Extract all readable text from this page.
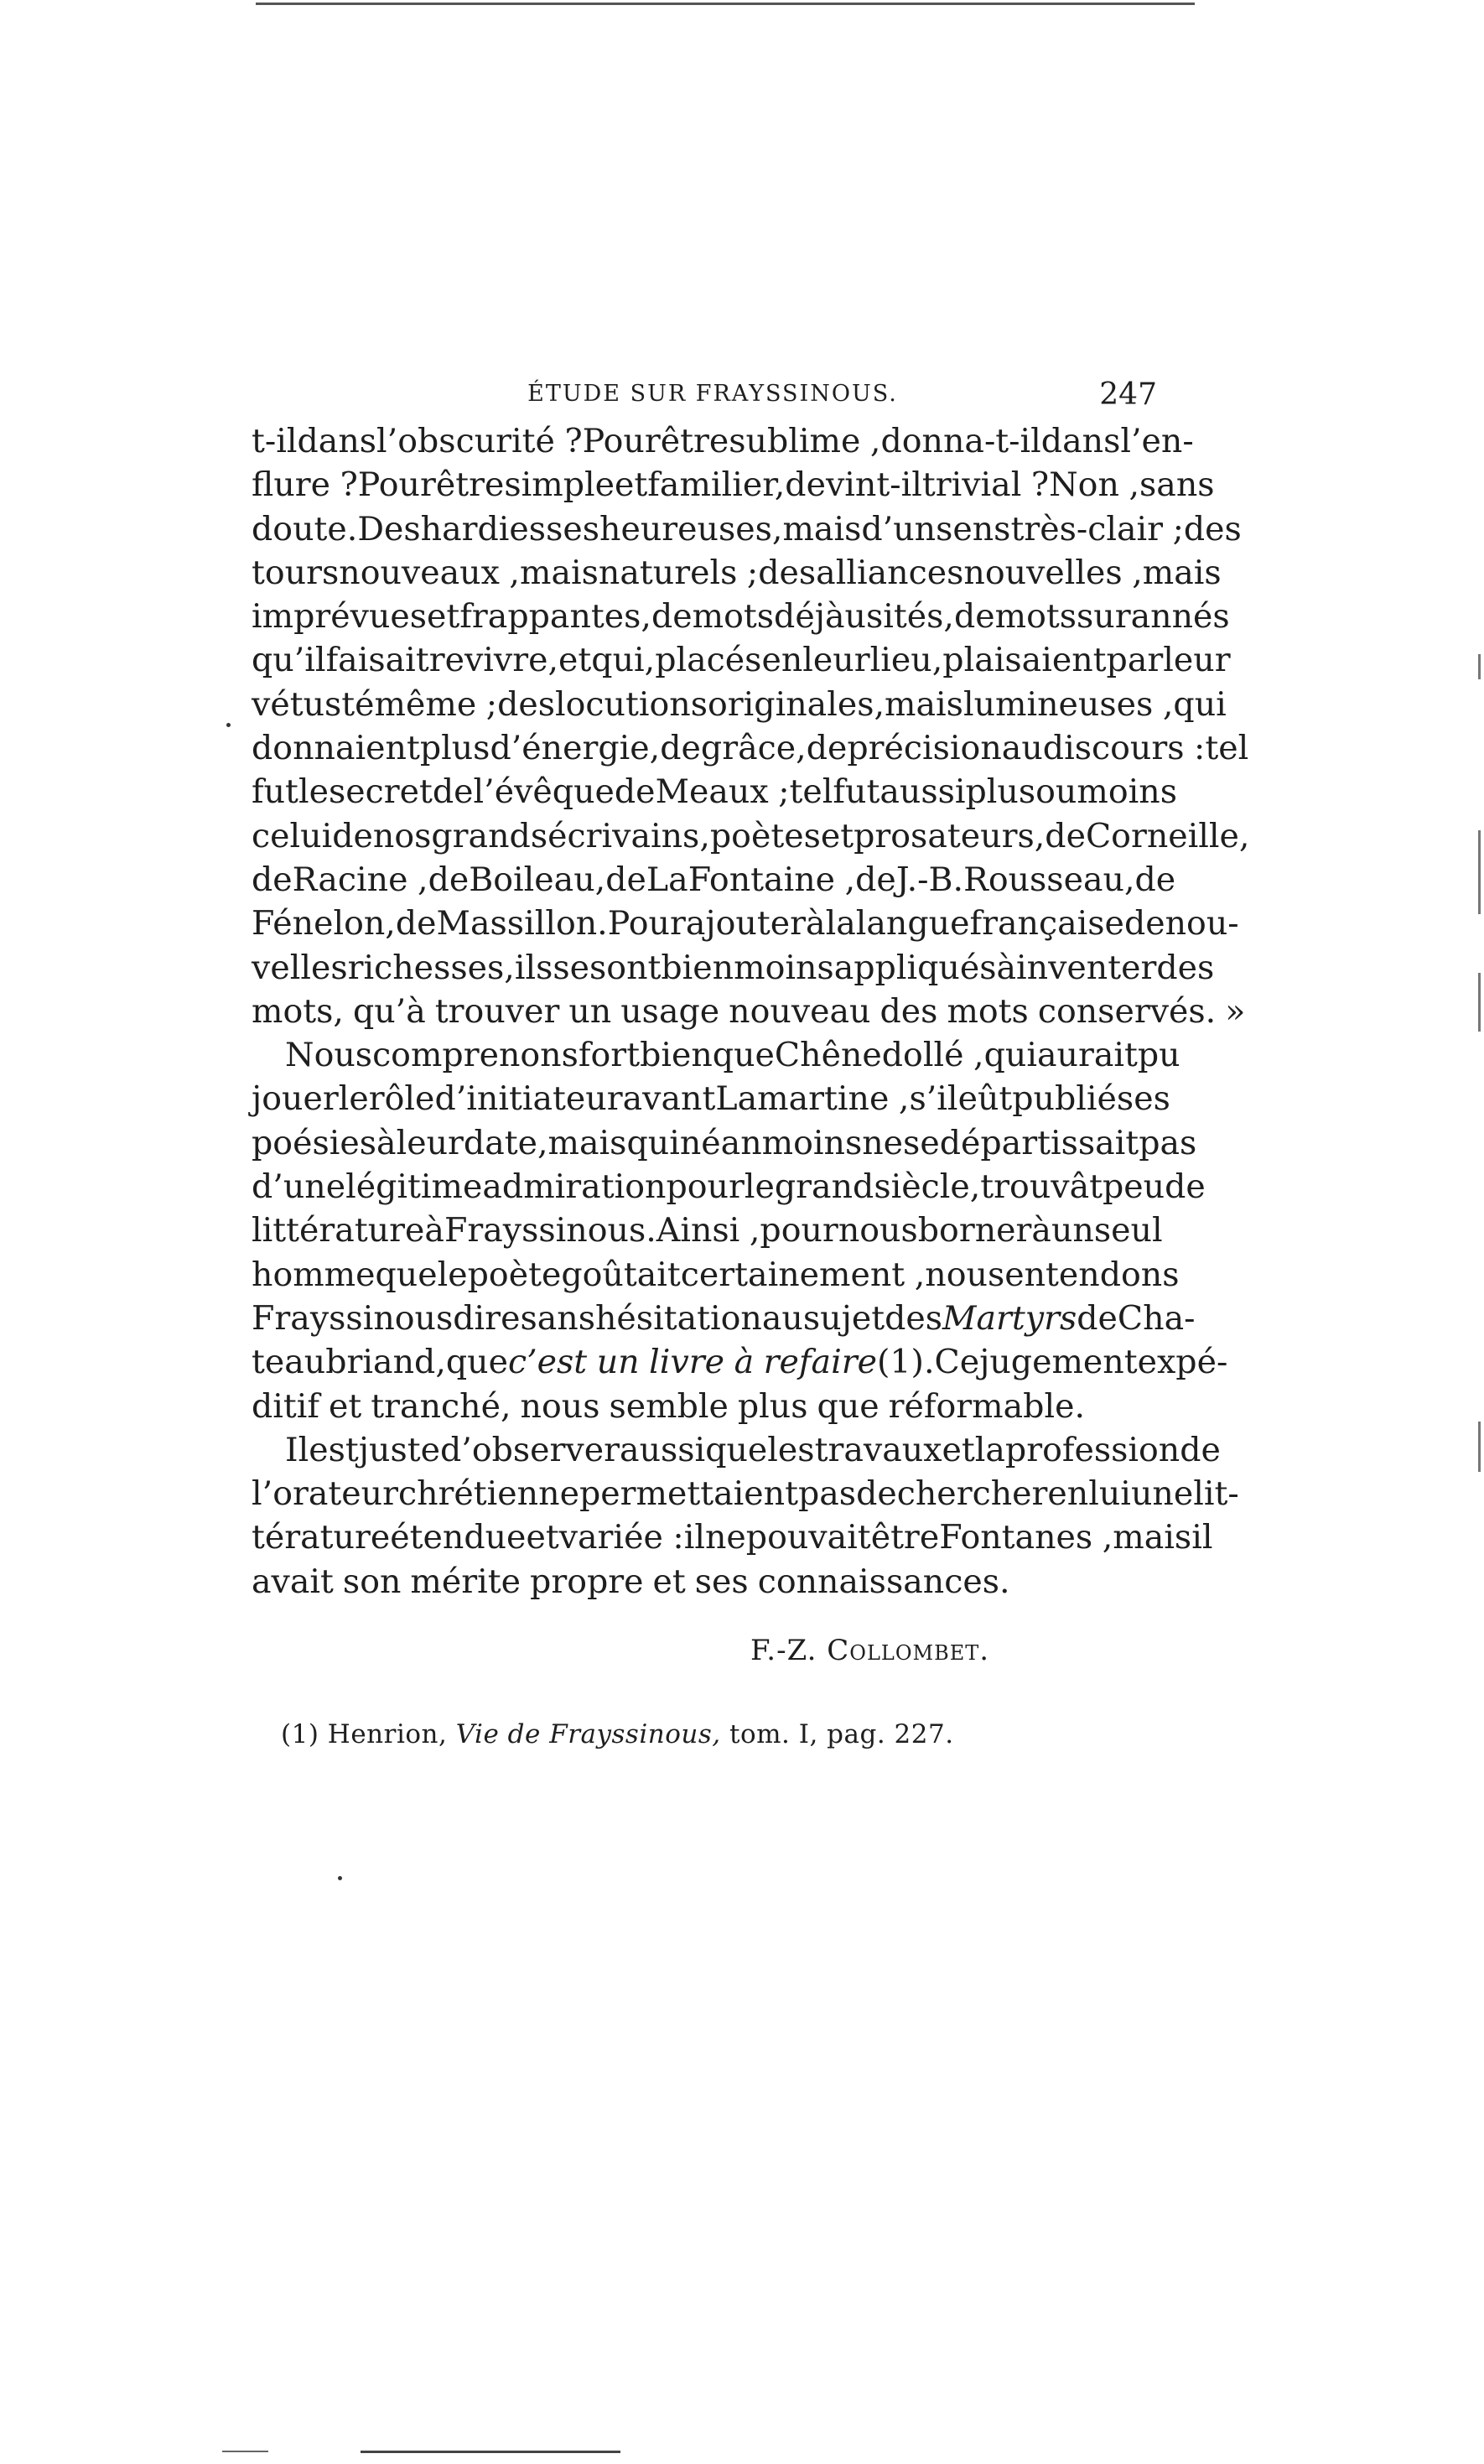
ÉTUDE SUR FRAYSSINOUS.	247
t-il dans l’obscurité ? Pour être sublime , donna-t-il dans l’en-
flure ? Pour être simple et familier, devint-il trivial ? Non , sans
doute. Des hardiesses heureuses, mais d’un sens très-clair ; des
tours nouveaux , mais naturels ; des alliances nouvelles , mais
imprévues et frappantes, de mots déjà usités, de mots surannés
qu’il faisait revivre, et qui, placés en leur lieu, plaisaient par leur
vétusté même ; des locutions originales, mais lumineuses , qui
donnaient plus d’énergie, de grâce, de précision au discours : tel
fut le secret de l’évêque de Meaux ; tel fut aussi plus ou moins
celui de nos grands écrivains, poètes et prosateurs, de Corneille,
de Racine , de Boileau, de La Fontaine , de J.-B. Rousseau, de
Fénelon, de Massillon. Pour ajouter à la langue française de nou-
velles richesses, ils se sont bien moins appliqués à inventer des
mots, qu’à trouver un usage nouveau des mots conservés. »
Nous comprenons fort bien que Chênedollé , qui aurait pu
jouer le rôle d’initiateur avant Lamartine , s’il eût publié ses
poésies à leur date, mais qui néanmoins ne se départissait pas
d’une légitime admiration pour le grand siècle, trouvât peu de
littérature à Frayssinous. Ainsi , pour nous borner à un seul
homme que le poète goûtait certainement , nous entendons
Frayssinous dire sans hésitation au sujet des Martyrs de Cha-
teaubriand, que c’est un livre à refaire (1). Ce jugement expé-
ditif et tranché, nous semble plus que réformable.
Il est juste d’observer aussi que les travaux et la profession de
l’orateur chrétien ne permettaient pas de chercher en lui une lit-
térature étendue et variée : il ne pouvait être Fontanes , mais il
avait son mérite propre et ses connaissances.
F.-Z. Collombet.
(1) Henrion, Vie de Frayssinous, tom. I, pag. 227.
